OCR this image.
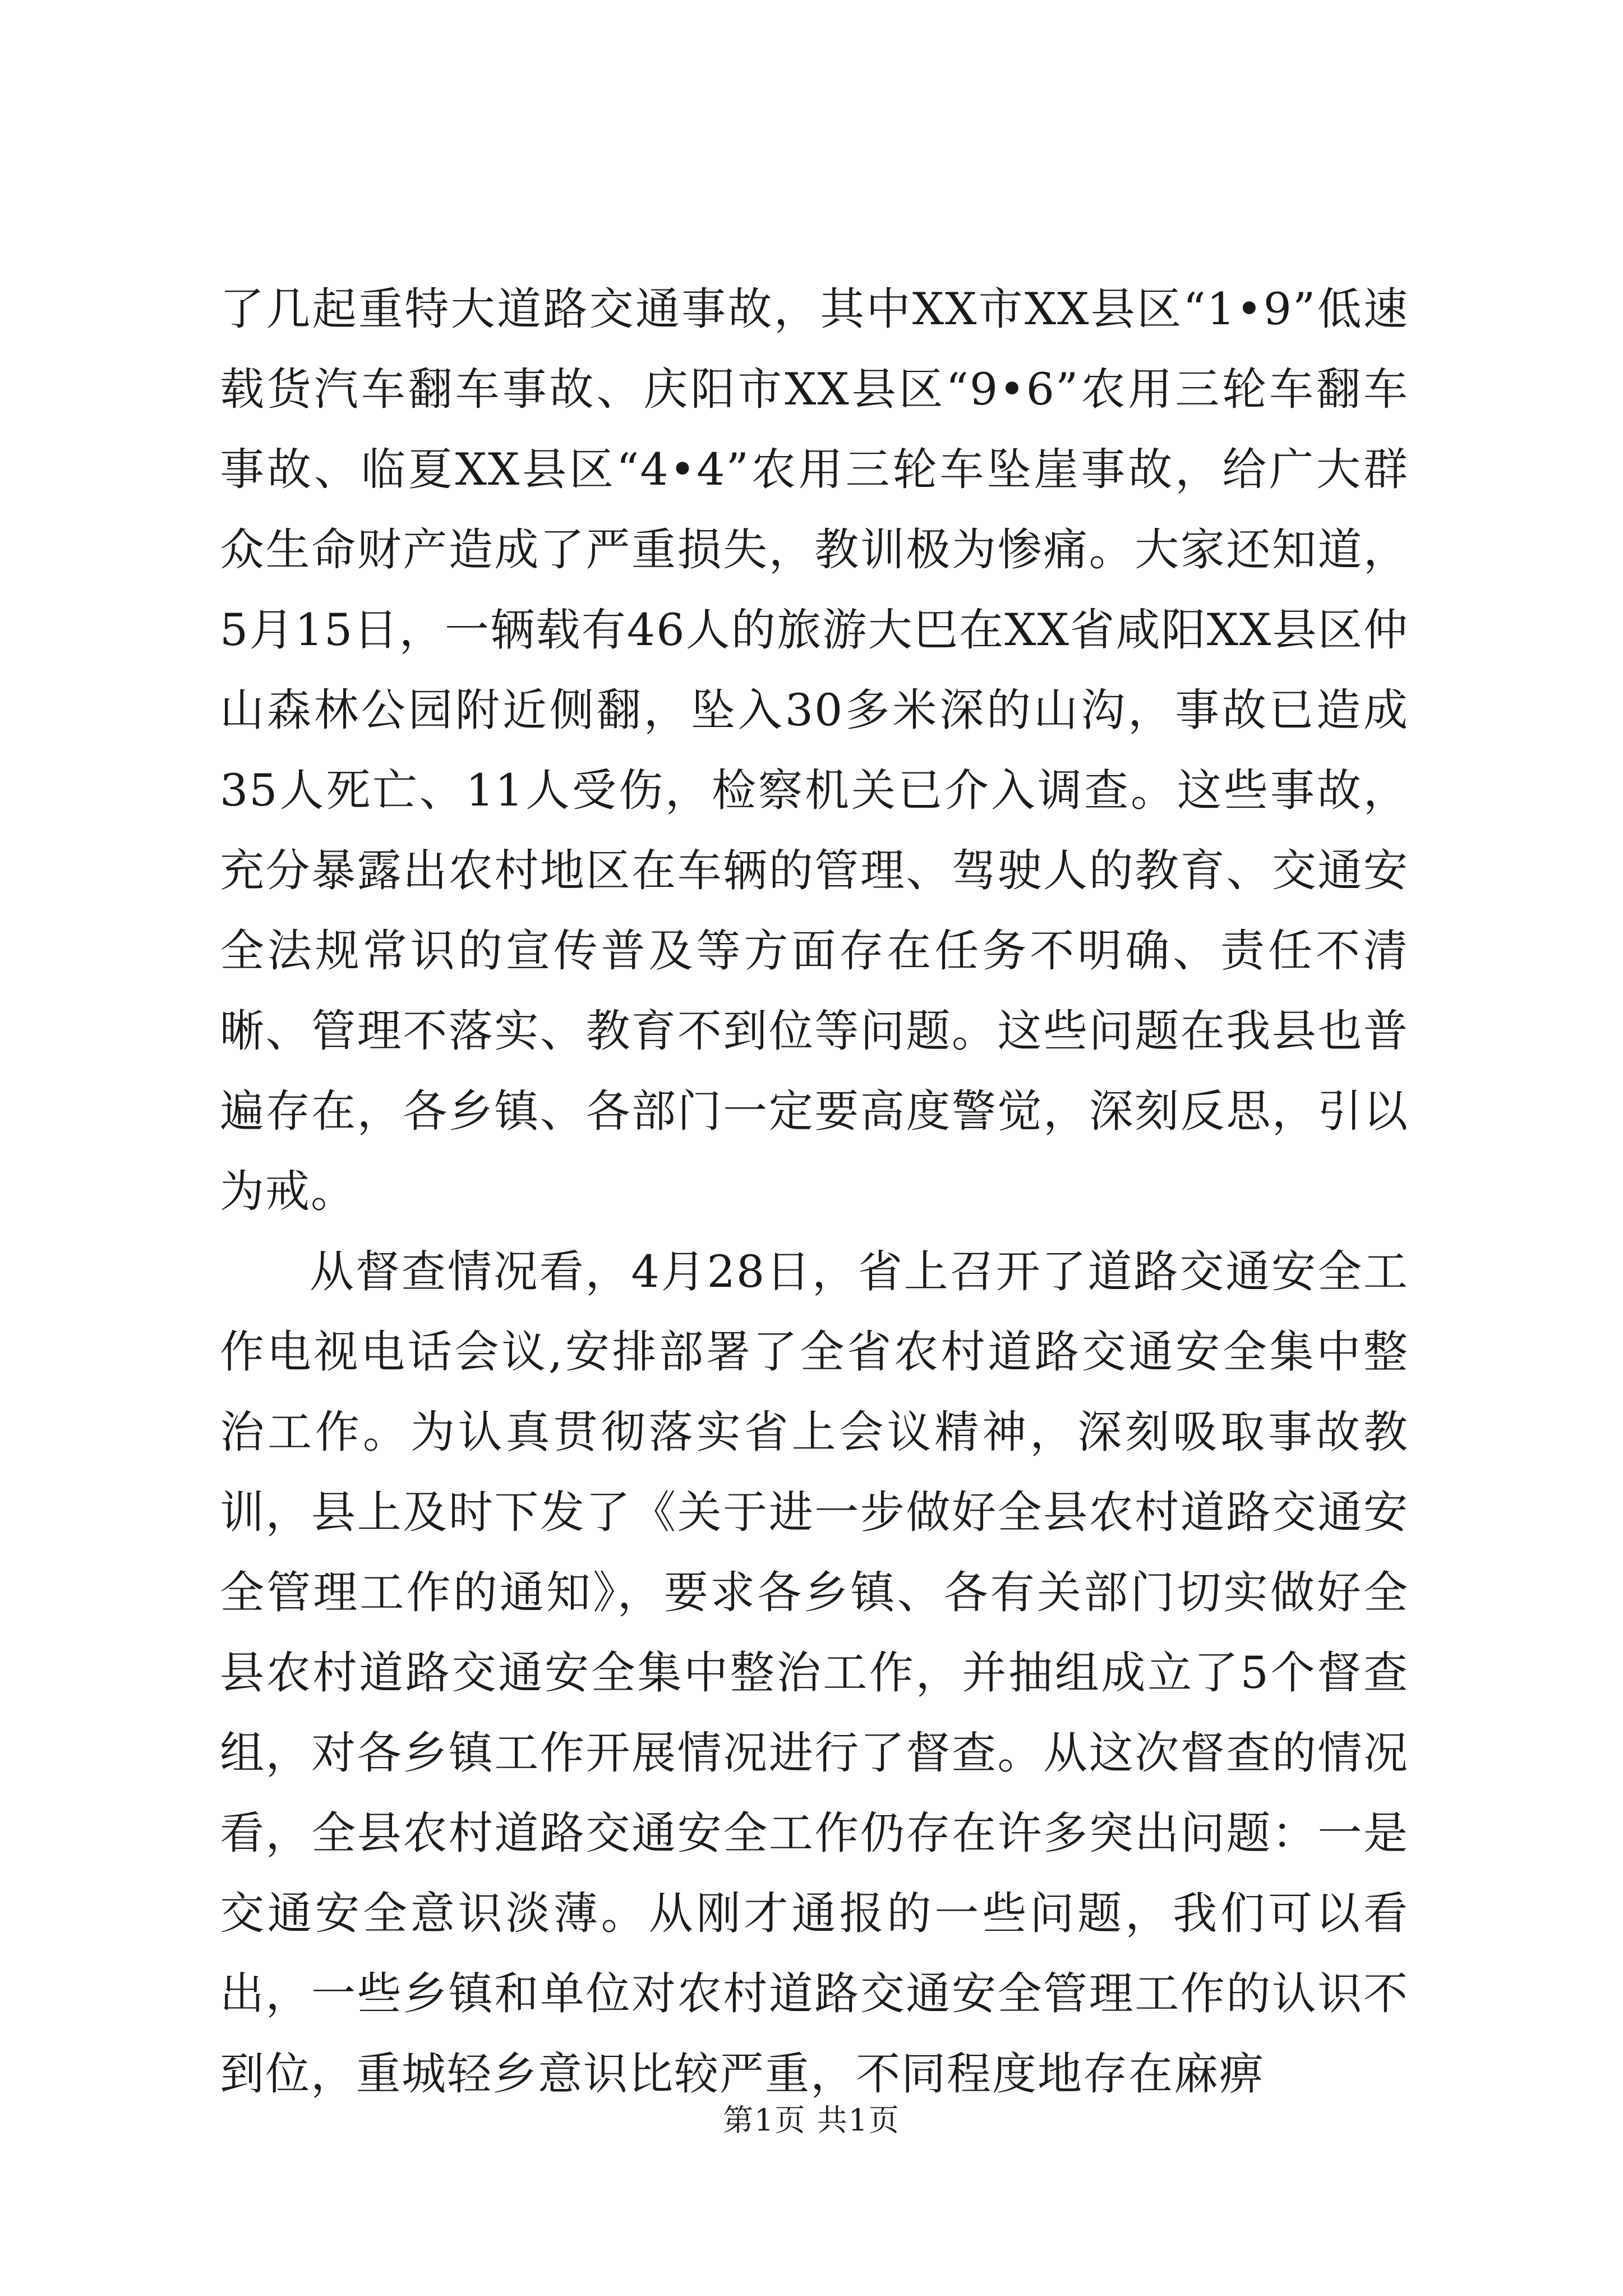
了几起重特大道路交通事故，其中XX市XX县区“1•9”低速载货汽车翻车事故、庆阳市XX县区“9•6”农用三轮车翻车事故、临夏XX县区“4•4”农用三轮车坠崖事故，给广大群众生命财产造成了严重损失，教训极为惨痛。大家还知道，5月15日，一辆载有46人的旅游大巴在XX省咸阳XX县区仲山森林公园附近侧翻，坠入30多米深的山沟，事故已造成35人死亡、11人受伤，检察机关已介入调查。这些事故，充分暴露出农村地区在车辆的管理、驾驶人的教育、交通安全法规常识的宣传普及等方面存在任务不明确、责任不清晰、管理不落实、教育不到位等问题。这些问题在我县也普遍存在，各乡镇、各部门一定要高度警觉，深刻反思，引以为戒。

从督查情况看，4月28日，省上召开了道路交通安全工作电视电话会议,安排部署了全省农村道路交通安全集中整治工作。为认真贯彻落实省上会议精神，深刻吸取事故教训，县上及时下发了《关于进一步做好全县农村道路交通安全管理工作的通知》，要求各乡镇、各有关部门切实做好全县农村道路交通安全集中整治工作，并抽组成立了5个督查组，对各乡镇工作开展情况进行了督查。从这次督查的情况看，全县农村道路交通安全工作仍存在许多突出问题：一是交通安全意识淡薄。从刚才通报的一些问题，我们可以看出，一些乡镇和单位对农村道路交通安全管理工作的认识不到位，重城轻乡意识比较严重，不同程度地存在麻痹

第1页 共1页
